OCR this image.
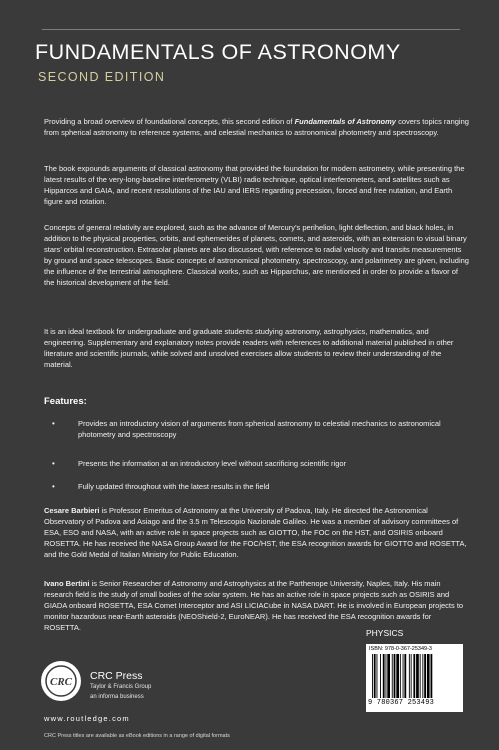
FUNDAMENTALS OF ASTRONOMY
SECOND EDITION
Providing a broad overview of foundational concepts, this second edition of Fundamentals of Astronomy covers topics ranging from spherical astronomy to reference systems, and celestial mechanics to astronomical photometry and spectroscopy.
The book expounds arguments of classical astronomy that provided the foundation for modern astrometry, while presenting the latest results of the very-long-baseline interferometry (VLBI) radio technique, optical interferometers, and satellites such as Hipparcos and GAIA, and recent resolutions of the IAU and IERS regarding precession, forced and free nutation, and Earth figure and rotation.
Concepts of general relativity are explored, such as the advance of Mercury’s perihelion, light deflection, and black holes, in addition to the physical properties, orbits, and ephemerides of planets, comets, and asteroids, with an extension to visual binary stars’ orbital reconstruction. Extrasolar planets are also discussed, with reference to radial velocity and transits measurements by ground and space telescopes. Basic concepts of astronomical photometry, spectroscopy, and polarimetry are given, including the influence of the terrestrial atmosphere. Classical works, such as Hipparchus, are mentioned in order to provide a flavor of the historical development of the field.
It is an ideal textbook for undergraduate and graduate students studying astronomy, astrophysics, mathematics, and engineering. Supplementary and explanatory notes provide readers with references to additional material published in other literature and scientific journals, while solved and unsolved exercises allow students to review their understanding of the material.
Features:
•	Provides an introductory vision of arguments from spherical astronomy to celestial mechanics to astronomical photometry and spectroscopy
•	Presents the information at an introductory level without sacrificing scientific rigor
•	Fully updated throughout with the latest results in the field
Cesare Barbieri is Professor Emeritus of Astronomy at the University of Padova, Italy. He directed the Astronomical Observatory of Padova and Asiago and the 3.5 m Telescopio Nazionale Galileo. He was a member of advisory committees of ESA, ESO and NASA, with an active role in space projects such as GIOTTO, the FOC on the HST, and OSIRIS onboard ROSETTA. He has received the NASA Group Award for the FOC/HST, the ESA recognition awards for GIOTTO and ROSETTA, and the Gold Medal of Italian Ministry for Public Education.
Ivano Bertini is Senior Researcher of Astronomy and Astrophysics at the Parthenope University, Naples, Italy. His main research field is the study of small bodies of the solar system. He has an active role in space projects such as OSIRIS and GIADA onboard ROSETTA, ESA Comet Interceptor and ASI LICIACube in NASA DART. He is involved in European projects to monitor hazardous near-Earth asteroids (NEOShield-2, EuroNEAR). He has received the ESA recognition awards for ROSETTA.
CRC CRC Press
Taylor & Francis Group
an informa business
www.routledge.com
CRC Press titles are available as eBook editions in a range of digital formats
PHYSICS
ISBN: 978-0-367-25349-3
9 780367 253493
